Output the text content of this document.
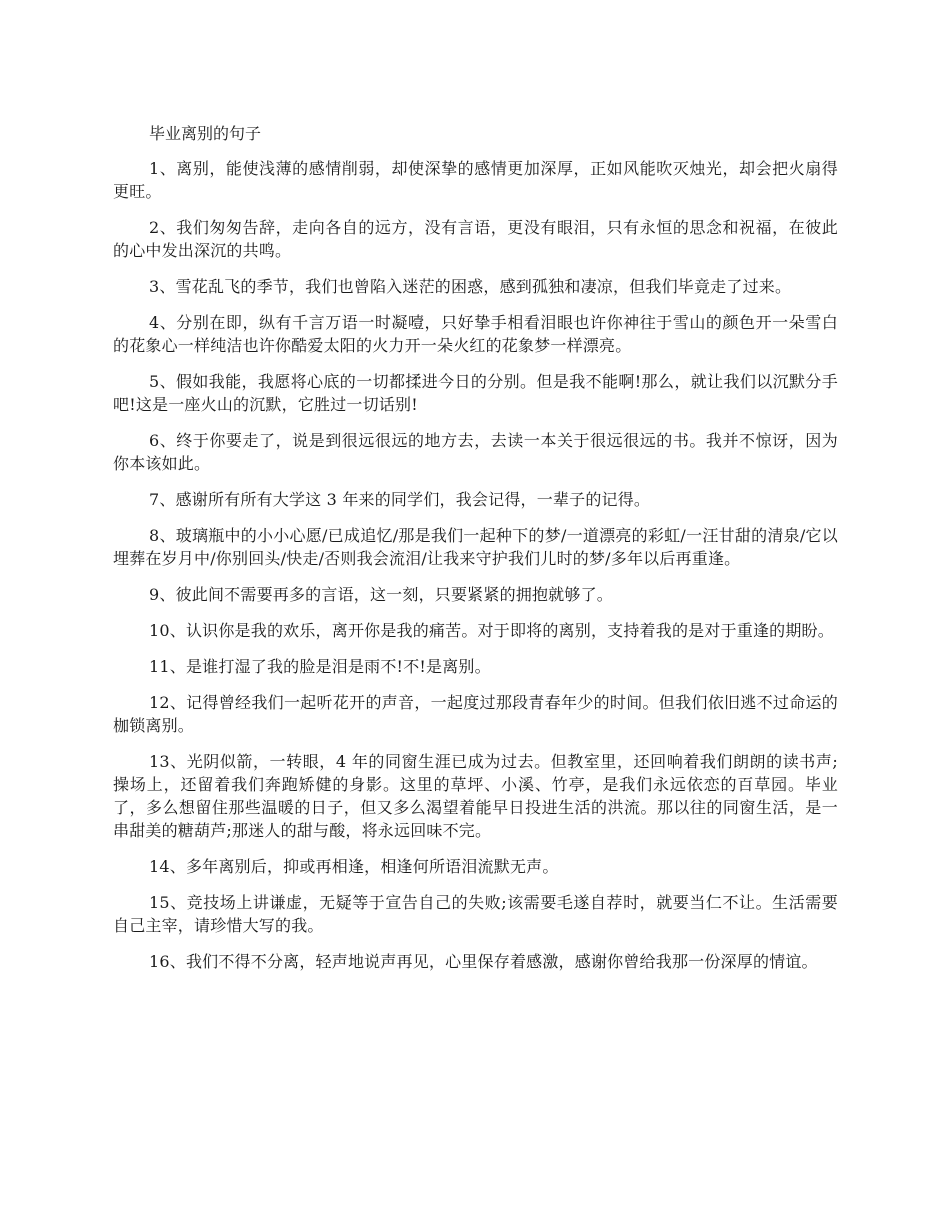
毕业离别的句子

1、离别，能使浅薄的感情削弱，却使深挚的感情更加深厚，正如风能吹灭烛光，却会把火扇得更旺。

2、我们匆匆告辞，走向各自的远方，没有言语，更没有眼泪，只有永恒的思念和祝福，在彼此的心中发出深沉的共鸣。

3、雪花乱飞的季节，我们也曾陷入迷茫的困惑，感到孤独和凄凉，但我们毕竟走了过来。

4、分别在即，纵有千言万语一时凝噎，只好挚手相看泪眼也许你神往于雪山的颜色开一朵雪白的花象心一样纯洁也许你酷爱太阳的火力开一朵火红的花象梦一样漂亮。

5、假如我能，我愿将心底的一切都揉进今日的分别。但是我不能啊!那么，就让我们以沉默分手吧!这是一座火山的沉默，它胜过一切话别!

6、终于你要走了，说是到很远很远的地方去，去读一本关于很远很远的书。我并不惊讶，因为你本该如此。

7、感谢所有所有大学这 3 年来的同学们，我会记得，一辈子的记得。

8、玻璃瓶中的小小心愿/已成追忆/那是我们一起种下的梦/一道漂亮的彩虹/一汪甘甜的清泉/它以埋葬在岁月中/你别回头/快走/否则我会流泪/让我来守护我们儿时的梦/多年以后再重逢。

9、彼此间不需要再多的言语，这一刻，只要紧紧的拥抱就够了。

10、认识你是我的欢乐，离开你是我的痛苦。对于即将的离别，支持着我的是对于重逢的期盼。

11、是谁打湿了我的脸是泪是雨不!不!是离别。

12、记得曾经我们一起听花开的声音，一起度过那段青春年少的时间。但我们依旧逃不过命运的枷锁离别。

13、光阴似箭，一转眼，4 年的同窗生涯已成为过去。但教室里，还回响着我们朗朗的读书声;操场上，还留着我们奔跑矫健的身影。这里的草坪、小溪、竹亭，是我们永远依恋的百草园。毕业了，多么想留住那些温暖的日子，但又多么渴望着能早日投进生活的洪流。那以往的同窗生活，是一串甜美的糖葫芦;那迷人的甜与酸，将永远回味不完。

14、多年离别后，抑或再相逢，相逢何所语泪流默无声。

15、竞技场上讲谦虚，无疑等于宣告自己的失败;该需要毛遂自荐时，就要当仁不让。生活需要自己主宰，请珍惜大写的我。

16、我们不得不分离，轻声地说声再见，心里保存着感激，感谢你曾给我那一份深厚的情谊。
